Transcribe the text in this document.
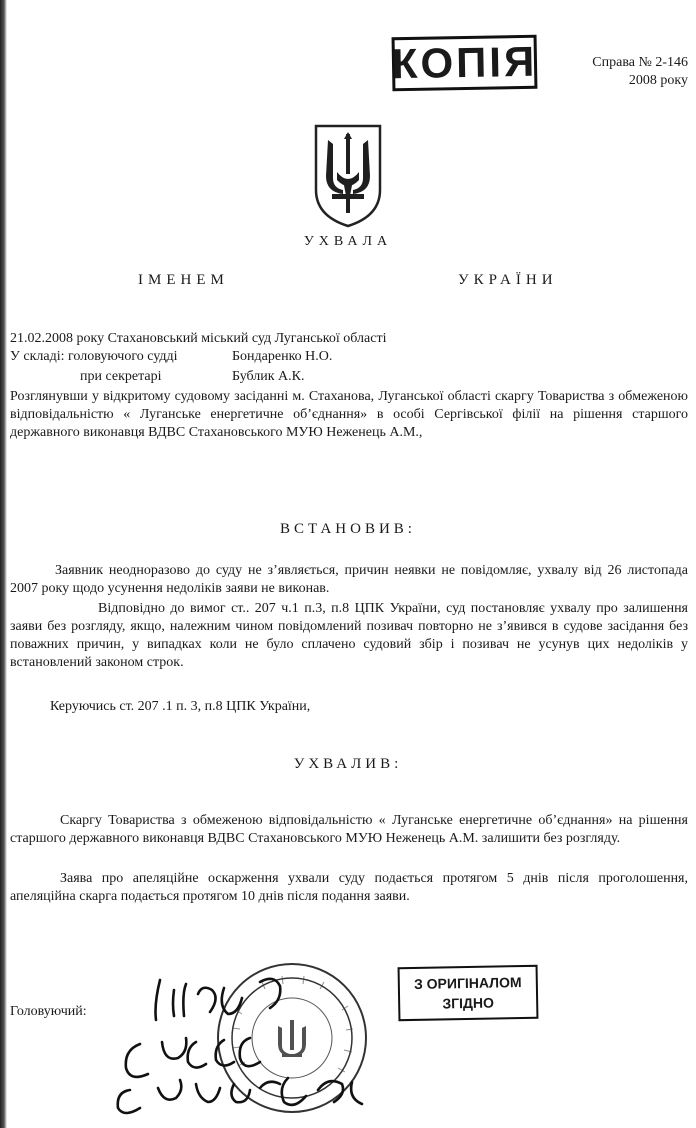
КОПІЯ	Справа № 2-146
2008 року
УХВАЛА
ІМЕНЕМ	УКРАЇНИ
21.02.2008 року Стахановський міський суд Луганської області
У складі: головуючого судді	Бондаренко Н.О.
при секретарі	Бублик А.К.
Розглянувши у відкритому судовому засіданні м. Стаханова, Луганської області скаргу Товариства з обмеженою відповідальністю « Луганське енергетичне об’єднання» в особі Сергівської філії на рішення старшого державного виконавця ВДВС Стахановського МУЮ Неженець А.М.,
ВСТАНОВИВ:
Заявник неодноразово до суду не з’являється, причин неявки не повідомляє, ухвалу від 26 листопада 2007 року щодо усунення недоліків заяви не виконав.
Відповідно до вимог ст.. 207 ч.1 п.3, п.8 ЦПК України, суд постановляє ухвалу про залишення заяви без розгляду, якщо, належним чином повідомлений позивач повторно не з’явився в судове засідання без поважних причин, у випадках коли не було сплачено судовий збір і позивач не усунув цих недоліків у встановлений законом строк.
Керуючись ст. 207 .1 п. 3, п.8 ЦПК України,
УХВАЛИВ:
Скаргу Товариства з обмеженою відповідальністю « Луганське енергетичне об’єднання» на рішення старшого державного виконавця ВДВС Стахановського МУЮ Неженець А.М. залишити без розгляду.
Заява про апеляційне оскарження ухвали суду подається протягом 5 днів після проголошення, апеляційна скарга подається протягом 10 днів після подання заяви.
Головуючий:
З ОРИГІНАЛОМ
ЗГІДНО
